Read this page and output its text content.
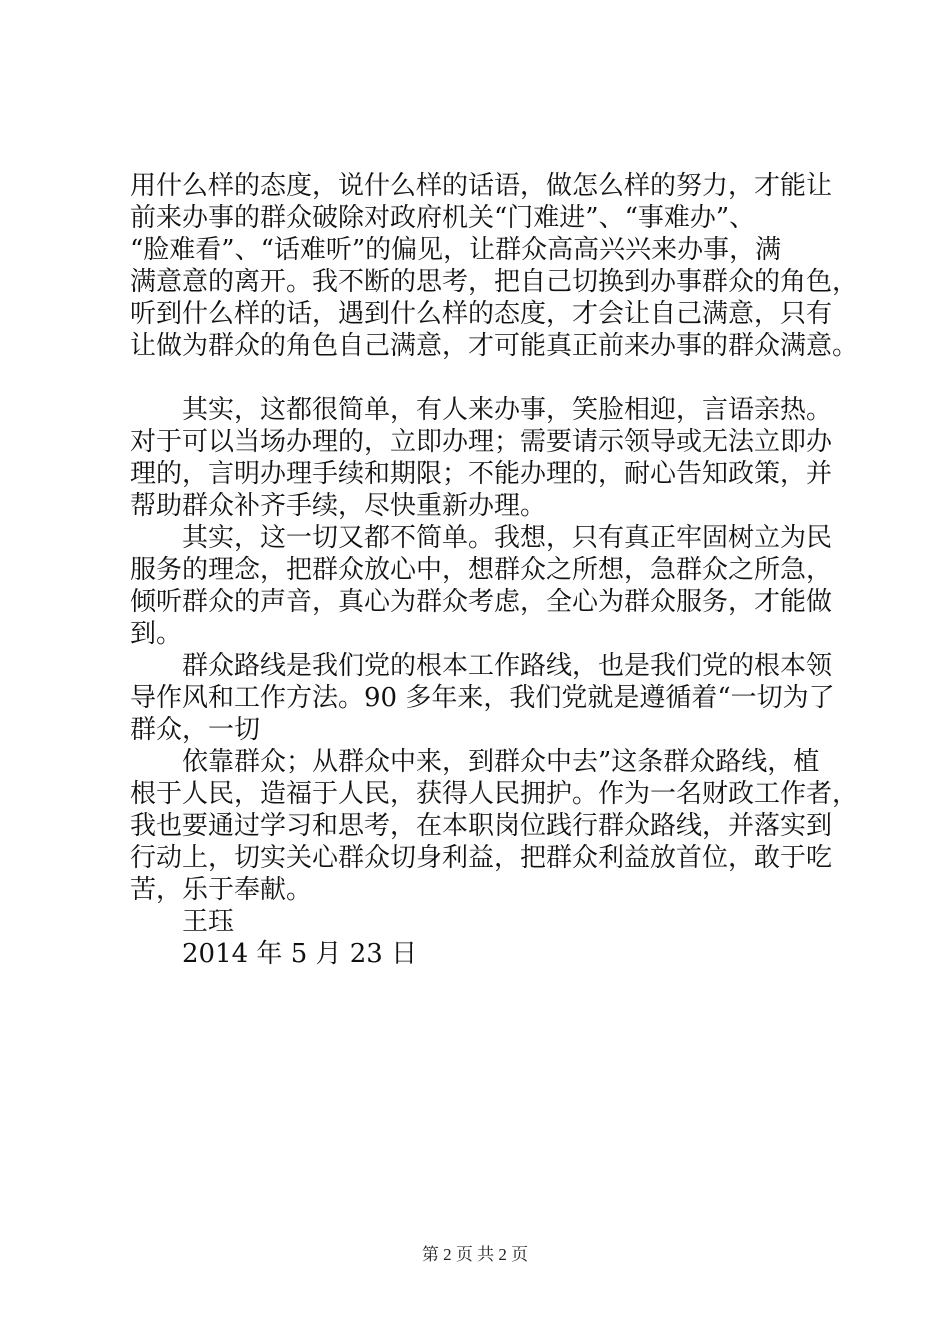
用什么样的态度，说什么样的话语，做怎么样的努力，才能让
前来办事的群众破除对政府机关“门难进”、“事难办”、
“脸难看”、“话难听”的偏见，让群众高高兴兴来办事，满
满意意的离开。我不断的思考，把自己切换到办事群众的角色，
听到什么样的话，遇到什么样的态度，才会让自己满意，只有
让做为群众的角色自己满意，才可能真正前来办事的群众满意。
其实，这都很简单，有人来办事，笑脸相迎，言语亲热。
对于可以当场办理的，立即办理；需要请示领导或无法立即办
理的，言明办理手续和期限；不能办理的，耐心告知政策，并
帮助群众补齐手续，尽快重新办理。
其实，这一切又都不简单。我想，只有真正牢固树立为民
服务的理念，把群众放心中，想群众之所想，急群众之所急，
倾听群众的声音，真心为群众考虑，全心为群众服务，才能做
到。
群众路线是我们党的根本工作路线，也是我们党的根本领
导作风和工作方法。90 多年来，我们党就是遵循着“一切为了
群众，一切
依靠群众；从群众中来，到群众中去”这条群众路线，植
根于人民，造福于人民，获得人民拥护。作为一名财政工作者，
我也要通过学习和思考，在本职岗位践行群众路线，并落实到
行动上，切实关心群众切身利益，把群众利益放首位，敢于吃
苦，乐于奉献。
王珏
2014 年 5 月 23 日
第 2 页 共 2 页
